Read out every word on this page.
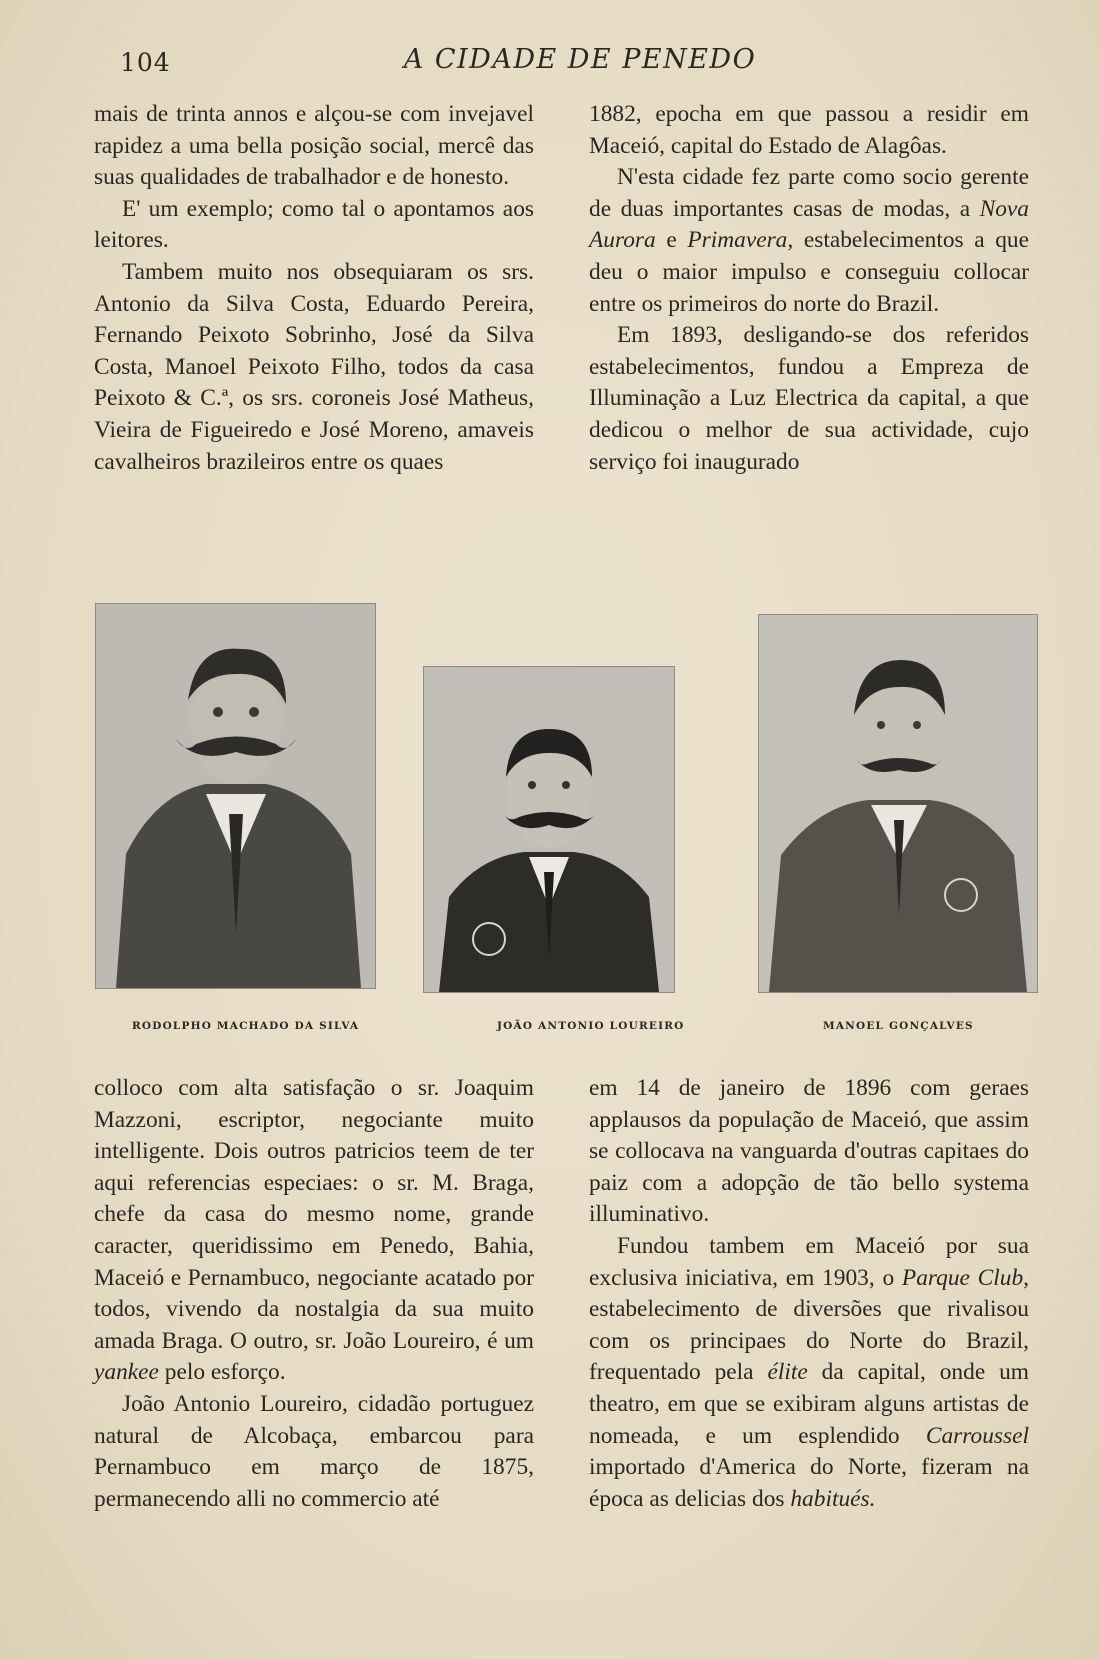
104	A CIDADE DE PENEDO

mais de trinta annos e alçou-se com invejavel rapidez a uma bella posição social, mercê das suas qualidades de trabalhador e de honesto.

E' um exemplo; como tal o apontamos aos leitores.

Tambem muito nos obsequiaram os srs. Antonio da Silva Costa, Eduardo Pereira, Fernando Peixoto Sobrinho, José da Silva Costa, Manoel Peixoto Filho, todos da casa Peixoto & C.ª, os srs. coroneis José Matheus, Vieira de Figueiredo e José Moreno, amaveis cavalheiros brazileiros entre os quaes

1882, epocha em que passou a residir em Maceió, capital do Estado de Alagôas.

N'esta cidade fez parte como socio gerente de duas importantes casas de modas, a Nova Aurora e Primavera, estabelecimentos a que deu o maior impulso e conseguiu collocar entre os primeiros do norte do Brazil.

Em 1893, desligando-se dos referidos estabelecimentos, fundou a Empreza de Illuminação a Luz Electrica da capital, a que dedicou o melhor de sua actividade, cujo serviço foi inaugurado

RODOLPHO MACHADO DA SILVA	JOÃO ANTONIO LOUREIRO	MANOEL GONÇALVES

colloco com alta satisfação o sr. Joaquim Mazzoni, escriptor, negociante muito intelligente. Dois outros patricios teem de ter aqui referencias especiaes: o sr. M. Braga, chefe da casa do mesmo nome, grande caracter, queridissimo em Penedo, Bahia, Maceió e Pernambuco, negociante acatado por todos, vivendo da nostalgia da sua muito amada Braga. O outro, sr. João Loureiro, é um yankee pelo esforço.

João Antonio Loureiro, cidadão portuguez natural de Alcobaça, embarcou para Pernambuco em março de 1875, permanecendo alli no commercio até

em 14 de janeiro de 1896 com geraes applausos da população de Maceió, que assim se collocava na vanguarda d'outras capitaes do paiz com a adopção de tão bello systema illuminativo.

Fundou tambem em Maceió por sua exclusiva iniciativa, em 1903, o Parque Club, estabelecimento de diversões que rivalisou com os principaes do Norte do Brazil, frequentado pela élite da capital, onde um theatro, em que se exibiram alguns artistas de nomeada, e um esplendido Carroussel importado d'America do Norte, fizeram na época as delicias dos habitués.
